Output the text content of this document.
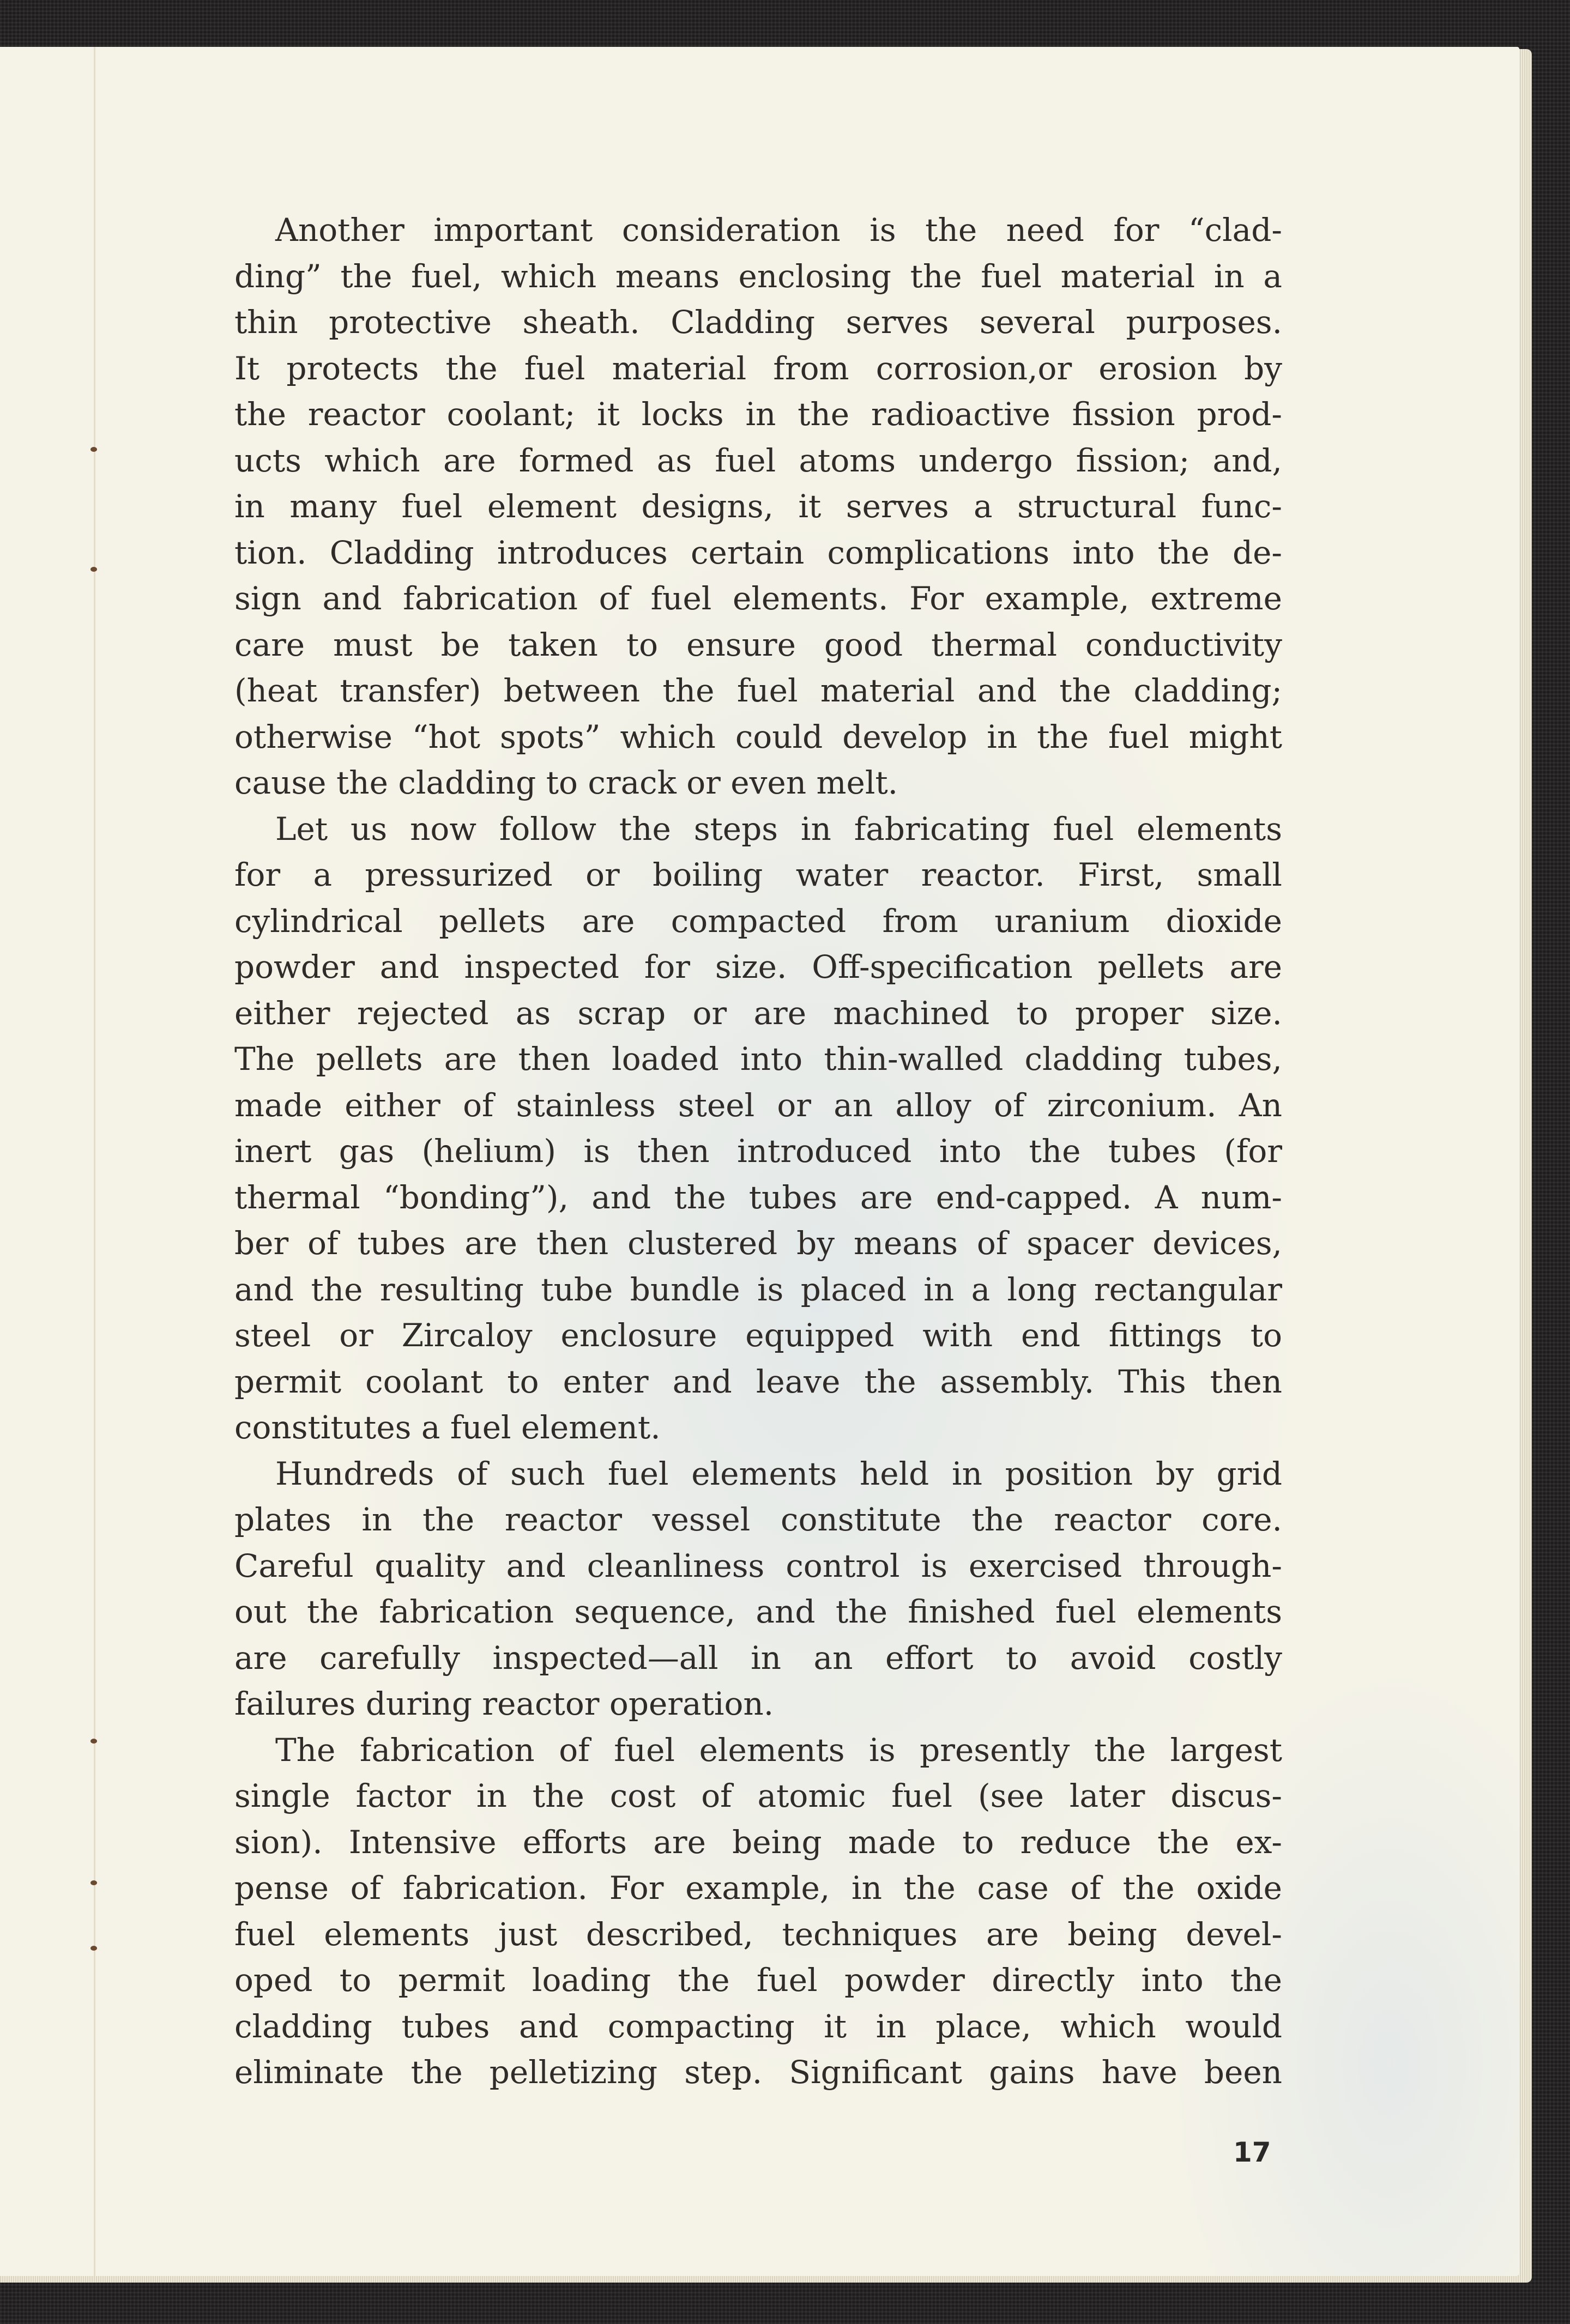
Another important consideration is the need for “clad-
ding” the fuel, which means enclosing the fuel material in a
thin protective sheath. Cladding serves several purposes.
It protects the fuel material from corrosion,or erosion by
the reactor coolant; it locks in the radioactive fission prod-
ucts which are formed as fuel atoms undergo fission; and,
in many fuel element designs, it serves a structural func-
tion. Cladding introduces certain complications into the de-
sign and fabrication of fuel elements. For example, extreme
care must be taken to ensure good thermal conductivity
(heat transfer) between the fuel material and the cladding;
otherwise “hot spots” which could develop in the fuel might
cause the cladding to crack or even melt.
Let us now follow the steps in fabricating fuel elements
for a pressurized or boiling water reactor. First, small
cylindrical pellets are compacted from uranium dioxide
powder and inspected for size. Off-specification pellets are
either rejected as scrap or are machined to proper size.
The pellets are then loaded into thin-walled cladding tubes,
made either of stainless steel or an alloy of zirconium. An
inert gas (helium) is then introduced into the tubes (for
thermal “bonding”), and the tubes are end-capped. A num-
ber of tubes are then clustered by means of spacer devices,
and the resulting tube bundle is placed in a long rectangular
steel or Zircaloy enclosure equipped with end fittings to
permit coolant to enter and leave the assembly. This then
constitutes a fuel element.
Hundreds of such fuel elements held in position by grid
plates in the reactor vessel constitute the reactor core.
Careful quality and cleanliness control is exercised through-
out the fabrication sequence, and the finished fuel elements
are carefully inspected—all in an effort to avoid costly
failures during reactor operation.
The fabrication of fuel elements is presently the largest
single factor in the cost of atomic fuel (see later discus-
sion). Intensive efforts are being made to reduce the ex-
pense of fabrication. For example, in the case of the oxide
fuel elements just described, techniques are being devel-
oped to permit loading the fuel powder directly into the
cladding tubes and compacting it in place, which would
eliminate the pelletizing step. Significant gains have been
17
